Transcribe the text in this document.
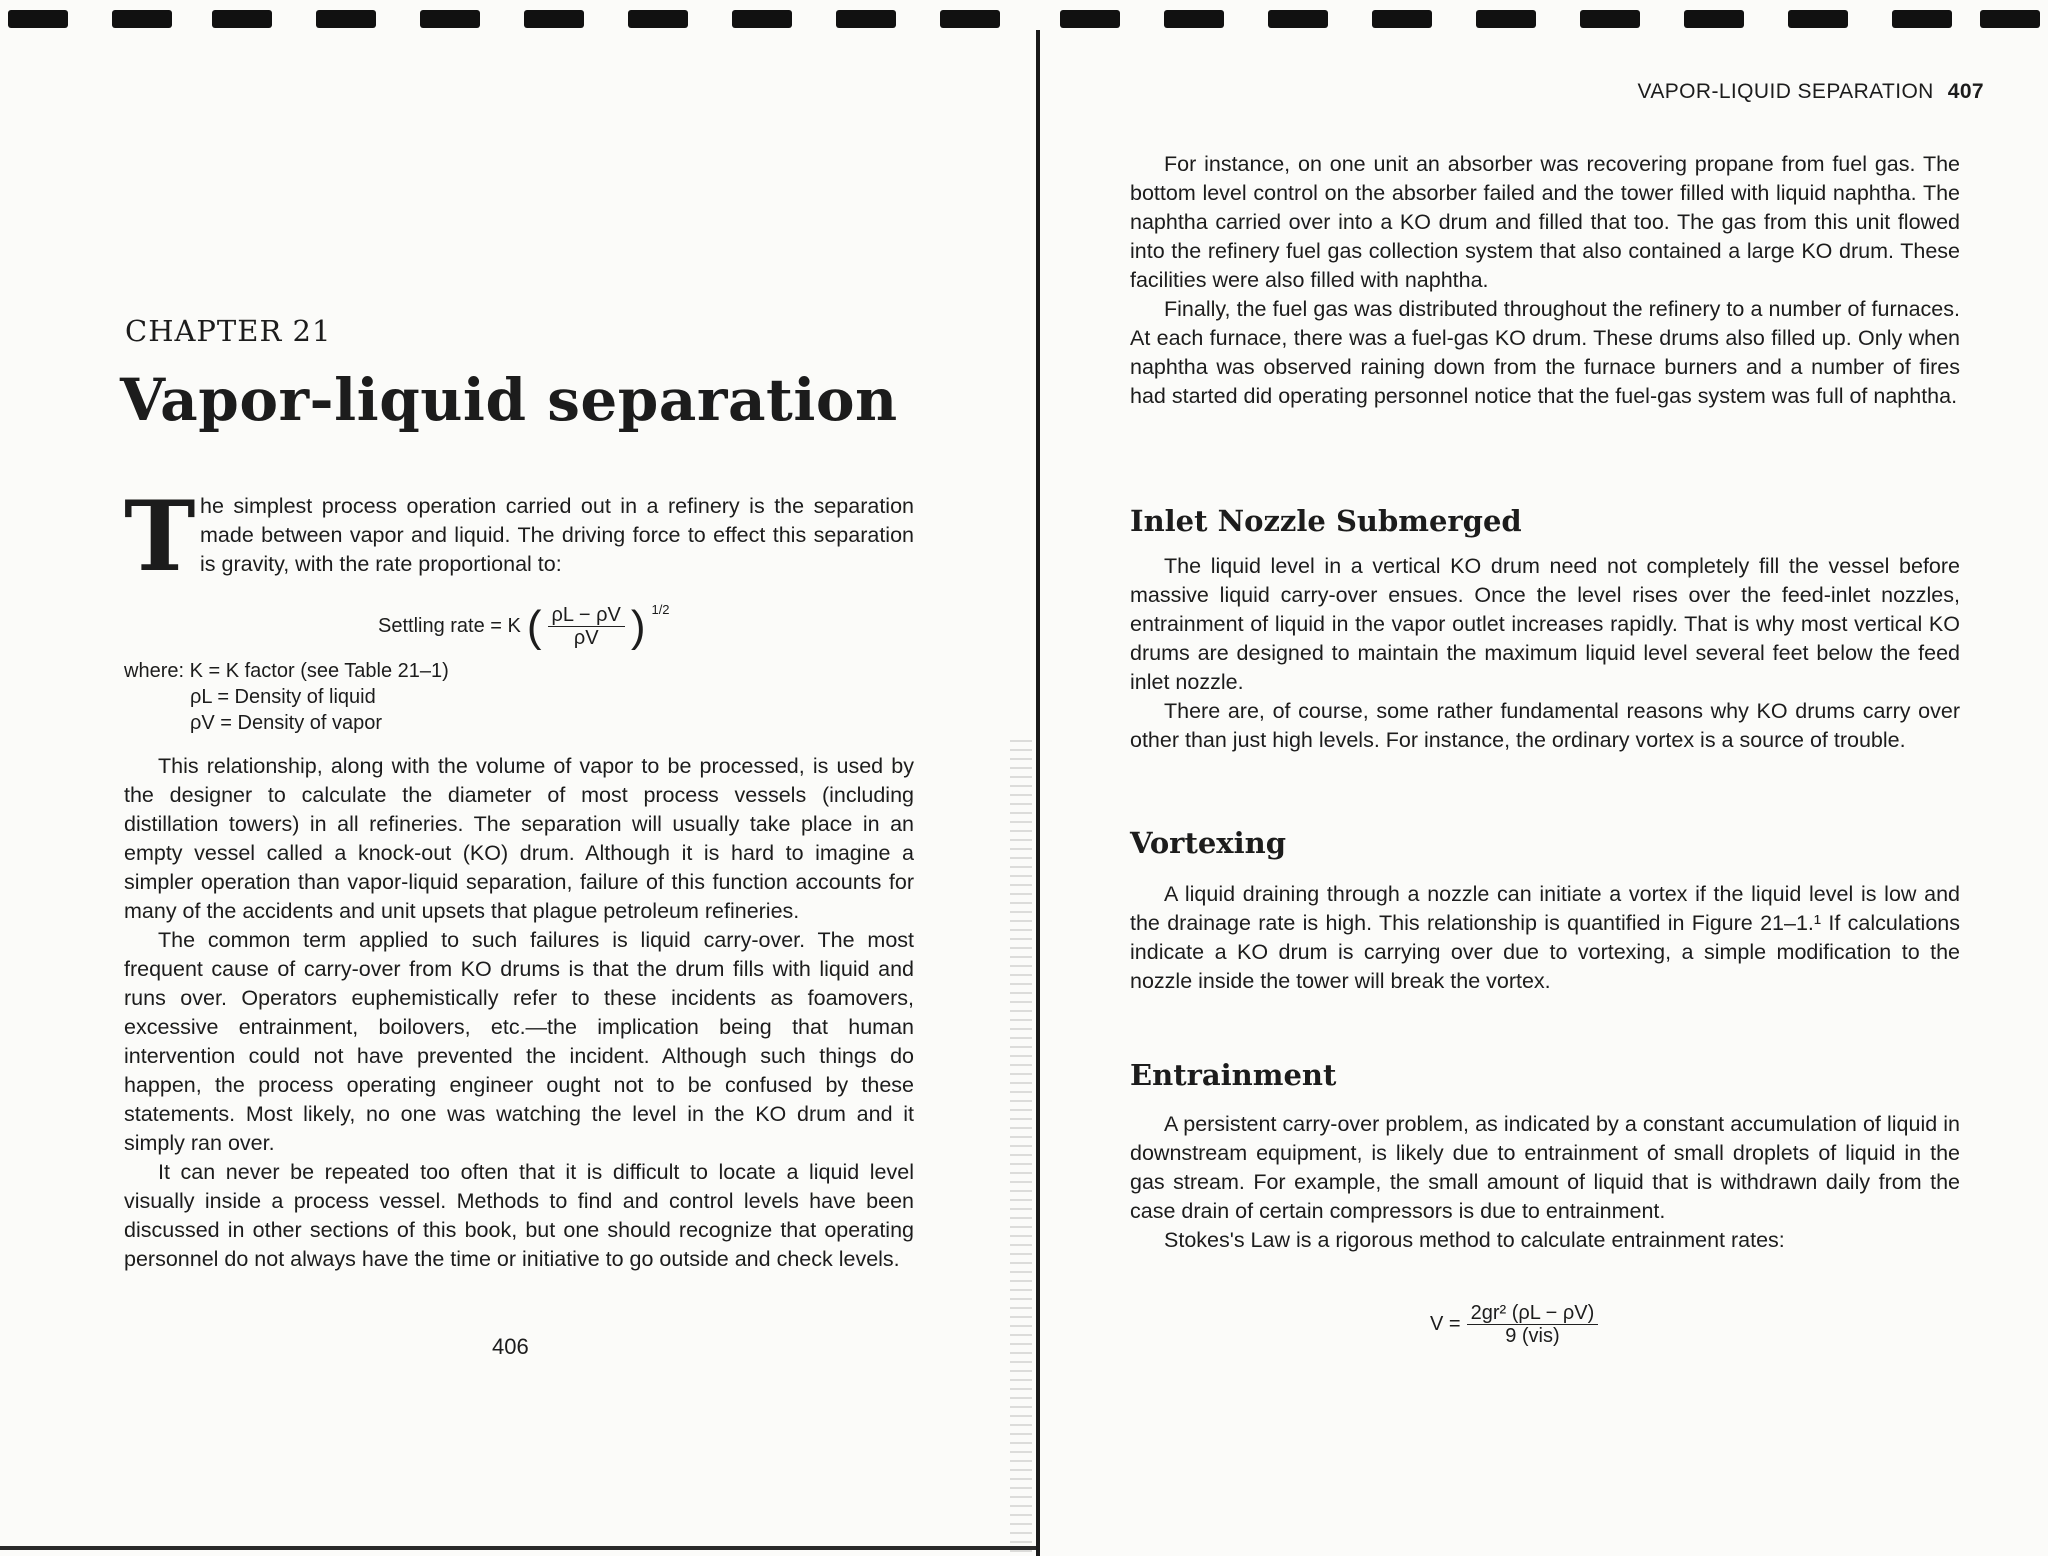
CHAPTER 21
Vapor-liquid separation
T he simplest process operation carried out in a refinery is the separation made between vapor and liquid. The driving force to effect this separation is gravity, with the rate proportional to:
Settling rate = K ( $\frac{\rho L - \rho V}{\rho V}$ ) 1/2
where: K = K factor (see Table 21–1)
ρL = Density of liquid
ρV = Density of vapor

This relationship, along with the volume of vapor to be processed, is used by the designer to calculate the diameter of most process vessels (including distillation towers) in all refineries. The separation will usually take place in an empty vessel called a knock-out (KO) drum. Although it is hard to imagine a simpler operation than vapor-liquid separation, failure of this function accounts for many of the accidents and unit upsets that plague petroleum refineries.

The common term applied to such failures is liquid carry-over. The most frequent cause of carry-over from KO drums is that the drum fills with liquid and runs over. Operators euphemistically refer to these incidents as foamovers, excessive entrainment, boilovers, etc.—the implication being that human intervention could not have prevented the incident. Although such things do happen, the process operating engineer ought not to be confused by these statements. Most likely, no one was watching the level in the KO drum and it simply ran over.

It can never be repeated too often that it is difficult to locate a liquid level visually inside a process vessel. Methods to find and control levels have been discussed in other sections of this book, but one should recognize that operating personnel do not always have the time or initiative to go outside and check levels.

406
VAPOR-LIQUID SEPARATION 407

For instance, on one unit an absorber was recovering propane from fuel gas. The bottom level control on the absorber failed and the tower filled with liquid naphtha. The naphtha carried over into a KO drum and filled that too. The gas from this unit flowed into the refinery fuel gas collection system that also contained a large KO drum. These facilities were also filled with naphtha.

Finally, the fuel gas was distributed throughout the refinery to a number of furnaces. At each furnace, there was a fuel-gas KO drum. These drums also filled up. Only when naphtha was observed raining down from the furnace burners and a number of fires had started did operating personnel notice that the fuel-gas system was full of naphtha.

Inlet Nozzle Submerged

The liquid level in a vertical KO drum need not completely fill the vessel before massive liquid carry-over ensues. Once the level rises over the feed-inlet nozzles, entrainment of liquid in the vapor outlet increases rapidly. That is why most vertical KO drums are designed to maintain the maximum liquid level several feet below the feed inlet nozzle.

There are, of course, some rather fundamental reasons why KO drums carry over other than just high levels. For instance, the ordinary vortex is a source of trouble.

Vortexing

A liquid draining through a nozzle can initiate a vortex if the liquid level is low and the drainage rate is high. This relationship is quantified in Figure 21–1.¹ If calculations indicate a KO drum is carrying over due to vortexing, a simple modification to the nozzle inside the tower will break the vortex.

Entrainment

A persistent carry-over problem, as indicated by a constant accumulation of liquid in downstream equipment, is likely due to entrainment of small droplets of liquid in the gas stream. For example, the small amount of liquid that is withdrawn daily from the case drain of certain compressors is due to entrainment.

Stokes's Law is a rigorous method to calculate entrainment rates:

$V = \frac{\text{2gr² (ρL − ρV)}}{\text{9 (vis)}}$
